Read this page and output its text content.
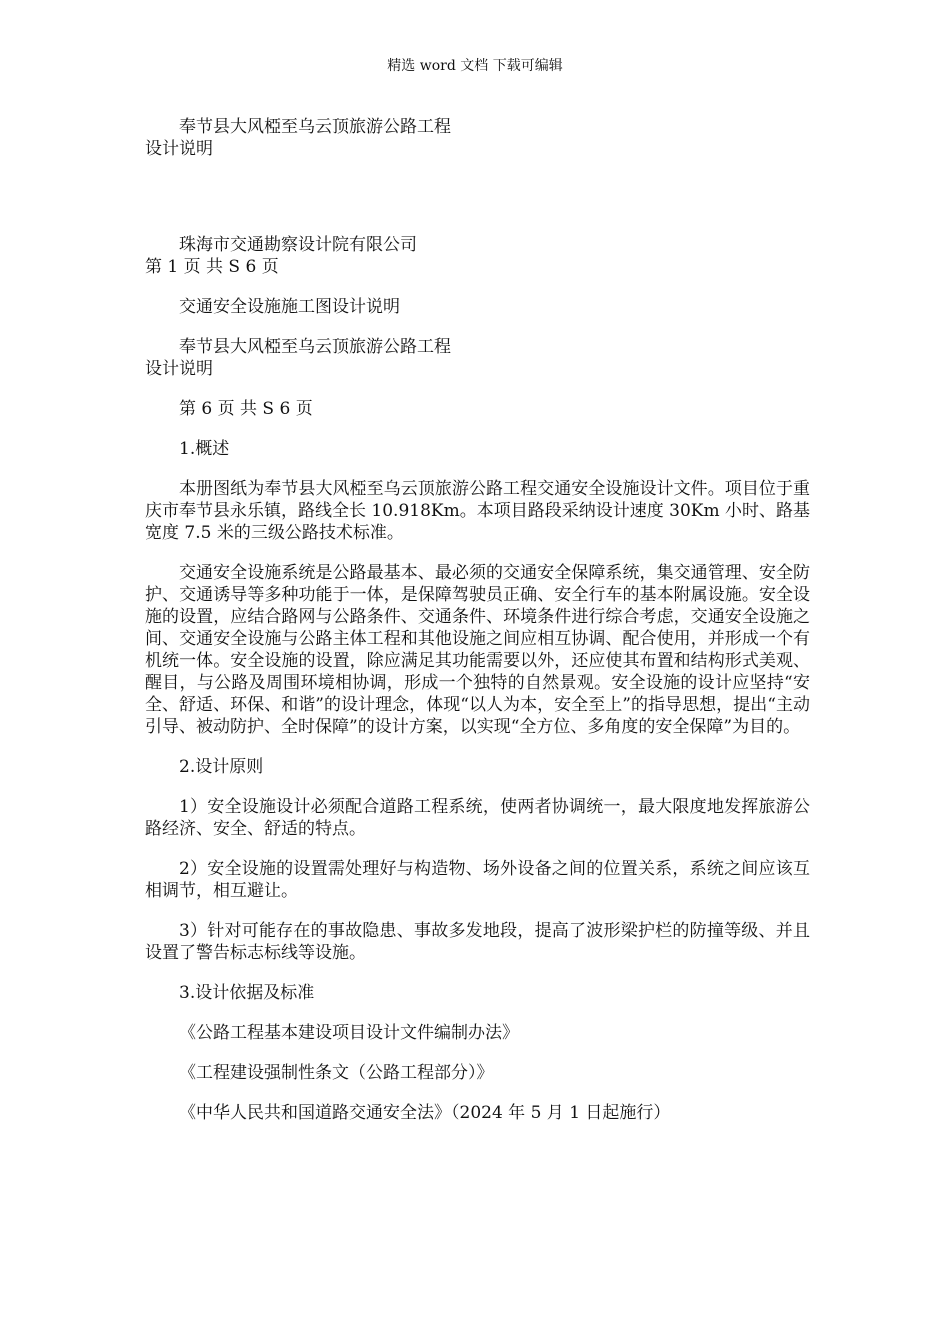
精选 word 文档 下载可编辑

奉节县大风椏至乌云顶旅游公路工程

设计说明

珠海市交通勘察设计院有限公司

第 1 页 共 S 6 页

交通安全设施施工图设计说明

奉节县大风椏至乌云顶旅游公路工程

设计说明

第 6 页 共 S 6 页

1.概述

本册图纸为奉节县大风椏至乌云顶旅游公路工程交通安全设施设计文件。项目位于重庆市奉节县永乐镇，路线全长 10.918Km。本项目路段采纳设计速度 30Km 小时、路基宽度 7.5 米的三级公路技术标准。

交通安全设施系统是公路最基本、最必须的交通安全保障系统，集交通管理、安全防护、交通诱导等多种功能于一体，是保障驾驶员正确、安全行车的基本附属设施。安全设施的设置，应结合路网与公路条件、交通条件、环境条件进行综合考虑，交通安全设施之间、交通安全设施与公路主体工程和其他设施之间应相互协调、配合使用，并形成一个有机统一体。安全设施的设置，除应满足其功能需要以外，还应使其布置和结构形式美观、醒目，与公路及周围环境相协调，形成一个独特的自然景观。安全设施的设计应坚持“安全、舒适、环保、和谐”的设计理念，体现“以人为本，安全至上”的指导思想，提出“主动引导、被动防护、全时保障”的设计方案，以实现“全方位、多角度的安全保障”为目的。

2.设计原则

1）安全设施设计必须配合道路工程系统，使两者协调统一，最大限度地发挥旅游公路经济、安全、舒适的特点。

2）安全设施的设置需处理好与构造物、场外设备之间的位置关系，系统之间应该互相调节，相互避让。

3）针对可能存在的事故隐患、事故多发地段，提高了波形梁护栏的防撞等级、并且设置了警告标志标线等设施。

3.设计依据及标准

《公路工程基本建设项目设计文件编制办法》

《工程建设强制性条文（公路工程部分）》

《中华人民共和国道路交通安全法》（2024 年 5 月 1 日起施行）
